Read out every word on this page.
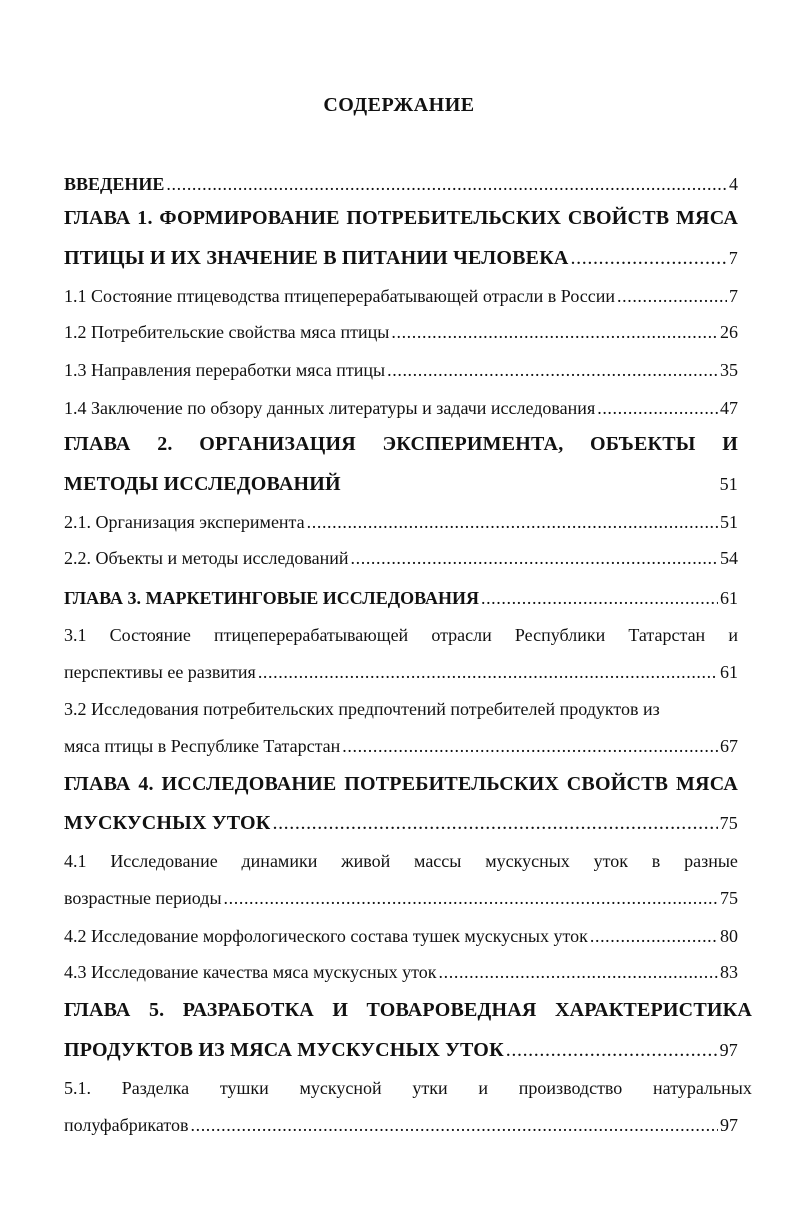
СОДЕРЖАНИЕ
ВВЕДЕНИЕ .....	4
ГЛАВА 1. ФОРМИРОВАНИЕ ПОТРЕБИТЕЛЬСКИХ СВОЙСТВ МЯСА
ПТИЦЫ И ИХ ЗНАЧЕНИЕ В ПИТАНИИ ЧЕЛОВЕКА .....	7
1.1 Состояние птицеводства птицеперерабатывающей отрасли в России .....	7
1.2 Потребительские свойства мяса птицы .....	26
1.3 Направления переработки мяса птицы .....	35
1.4 Заключение по обзору данных литературы и задачи исследования .....	47
ГЛАВА 2. ОРГАНИЗАЦИЯ ЭКСПЕРИМЕНТА, ОБЪЕКТЫ И
МЕТОДЫ ИССЛЕДОВАНИЙ	51
2.1. Организация эксперимента .....	51
2.2. Объекты и методы исследований .....	54
ГЛАВА 3. МАРКЕТИНГОВЫЕ ИССЛЕДОВАНИЯ .....	61
3.1 Состояние птицеперерабатывающей отрасли Республики Татарстан и
перспективы ее развития .....	61
3.2 Исследования потребительских предпочтений потребителей продуктов из
мяса птицы в Республике Татарстан .....	67
ГЛАВА 4. ИССЛЕДОВАНИЕ ПОТРЕБИТЕЛЬСКИХ СВОЙСТВ МЯСА
МУСКУСНЫХ УТОК .....	75
4.1 Исследование динамики живой массы мускусных уток в разные
возрастные периоды .....	75
4.2 Исследование морфологического состава тушек мускусных уток .....	80
4.3 Исследование качества мяса мускусных уток .....	83
ГЛАВА 5. РАЗРАБОТКА И ТОВАРОВЕДНАЯ ХАРАКТЕРИСТИКА
ПРОДУКТОВ ИЗ МЯСА МУСКУСНЫХ УТОК .....	97
5.1. Разделка тушки мускусной утки и производство натуральных
полуфабрикатов .....	97
